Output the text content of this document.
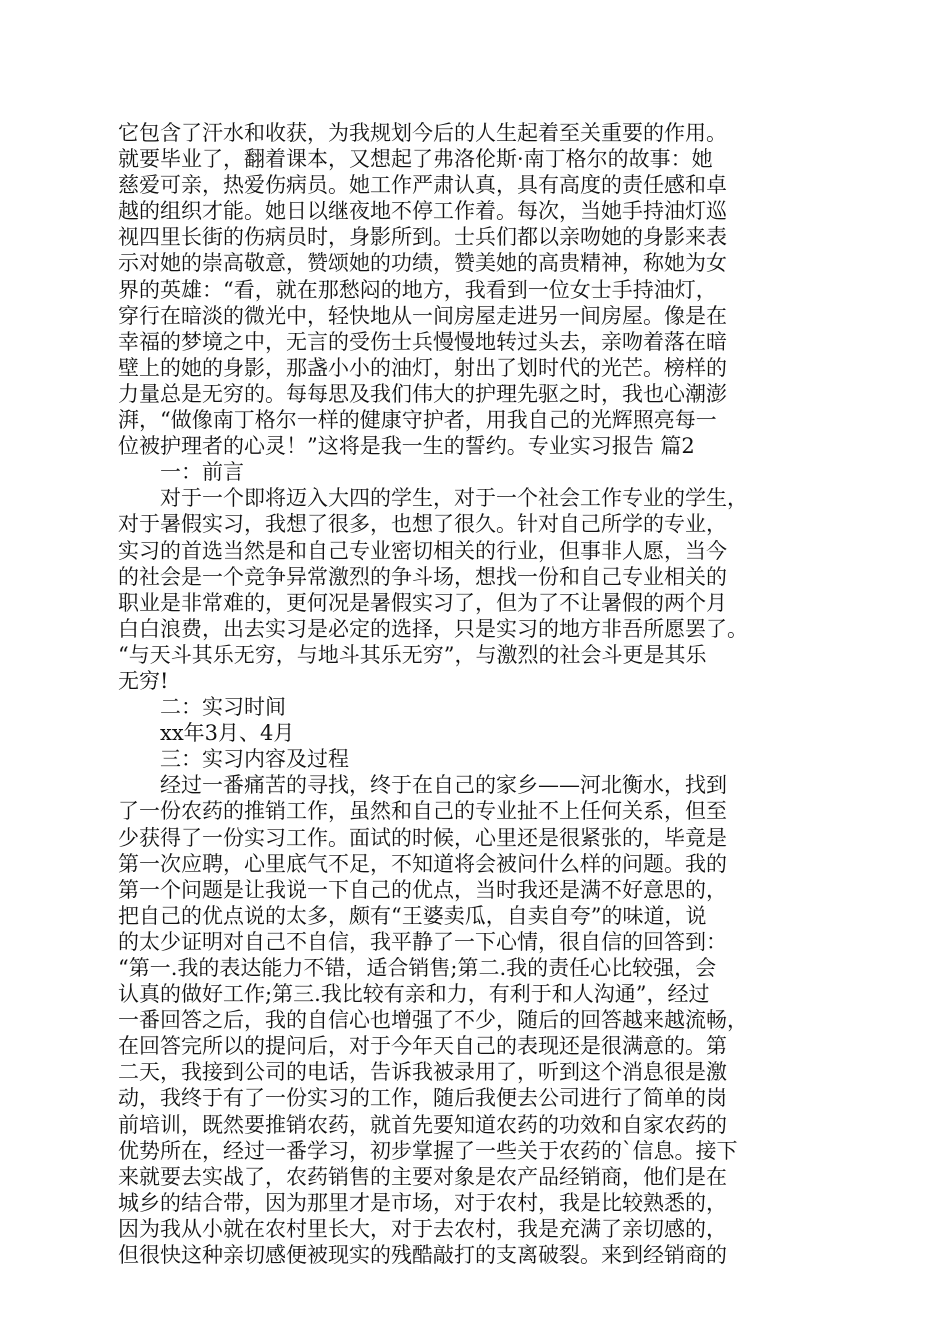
它包含了汗水和收获，为我规划今后的人生起着至关重要的作用。
就要毕业了，翻着课本，又想起了弗洛伦斯·南丁格尔的故事：她
慈爱可亲，热爱伤病员。她工作严肃认真，具有高度的责任感和卓
越的组织才能。她日以继夜地不停工作着。每次，当她手持油灯巡
视四里长街的伤病员时，身影所到。士兵们都以亲吻她的身影来表
示对她的崇高敬意，赞颂她的功绩，赞美她的高贵精神，称她为女
界的英雄：“看，就在那愁闷的地方，我看到一位女士手持油灯，
穿行在暗淡的微光中，轻快地从一间房屋走进另一间房屋。像是在
幸福的梦境之中，无言的受伤士兵慢慢地转过头去，亲吻着落在暗
壁上的她的身影，那盏小小的油灯，射出了划时代的光芒。榜样的
力量总是无穷的。每每思及我们伟大的护理先驱之时，我也心潮澎
湃，“做像南丁格尔一样的健康守护者，用我自己的光辉照亮每一
位被护理者的心灵！”这将是我一生的誓约。专业实习报告 篇2
　　一：前言
　　对于一个即将迈入大四的学生，对于一个社会工作专业的学生，
对于暑假实习，我想了很多，也想了很久。针对自己所学的专业，
实习的首选当然是和自己专业密切相关的行业，但事非人愿，当今
的社会是一个竞争异常激烈的争斗场，想找一份和自己专业相关的
职业是非常难的，更何况是暑假实习了，但为了不让暑假的两个月
白白浪费，出去实习是必定的选择，只是实习的地方非吾所愿罢了。
“与天斗其乐无穷，与地斗其乐无穷”，与激烈的社会斗更是其乐
无穷!
　　二：实习时间
　　xx年3月、4月
　　三：实习内容及过程
　　经过一番痛苦的寻找，终于在自己的家乡——河北衡水，找到
了一份农药的推销工作，虽然和自己的专业扯不上任何关系，但至
少获得了一份实习工作。面试的时候，心里还是很紧张的，毕竟是
第一次应聘，心里底气不足，不知道将会被问什么样的问题。我的
第一个问题是让我说一下自己的优点，当时我还是满不好意思的，
把自己的优点说的太多，颇有“王婆卖瓜，自卖自夸”的味道，说
的太少证明对自己不自信，我平静了一下心情，很自信的回答到：
“第一.我的表达能力不错，适合销售;第二.我的责任心比较强，会
认真的做好工作;第三.我比较有亲和力，有利于和人沟通”，经过
一番回答之后，我的自信心也增强了不少，随后的回答越来越流畅，
在回答完所以的提问后，对于今年天自己的表现还是很满意的。第
二天，我接到公司的电话，告诉我被录用了，听到这个消息很是激
动，我终于有了一份实习的工作，随后我便去公司进行了简单的岗
前培训，既然要推销农药，就首先要知道农药的功效和自家农药的
优势所在，经过一番学习，初步掌握了一些关于农药的`信息。接下
来就要去实战了，农药销售的主要对象是农产品经销商，他们是在
城乡的结合带，因为那里才是市场，对于农村，我是比较熟悉的，
因为我从小就在农村里长大，对于去农村，我是充满了亲切感的，
但很快这种亲切感便被现实的残酷敲打的支离破裂。来到经销商的
